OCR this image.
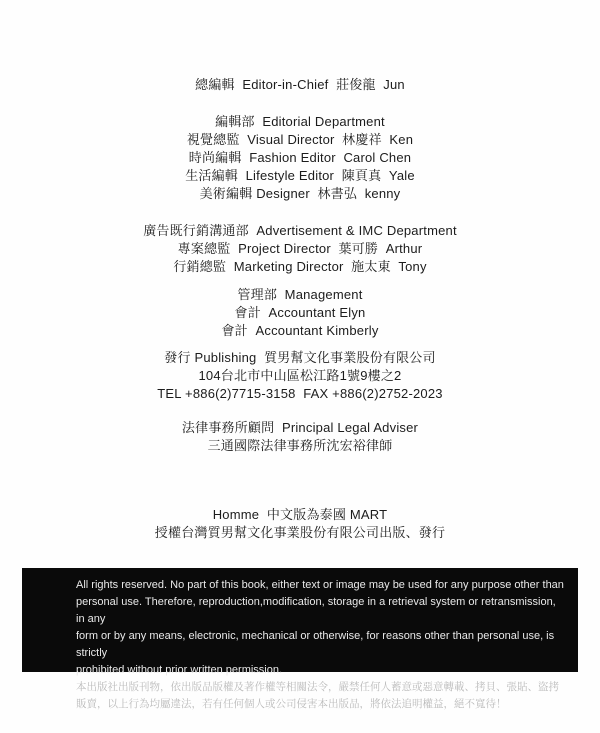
總編輯  Editor-in-Chief  莊俊龍  Jun
編輯部  Editorial Department
視覺總監  Visual Director  林慶祥  Ken
時尚編輯  Fashion Editor  Carol Chen
生活編輯  Lifestyle Editor  陳頁真  Yale
美術編輯 Designer  林書弘  kenny
廣告既行銷溝通部  Advertisement & IMC Department
專案總監  Project Director  葉可勝  Arthur
行銷總監  Marketing Director  施太東  Tony
管理部  Management
會計  Accountant Elyn
會計  Accountant Kimberly
發行 Publishing  質男幫文化事業股份有限公司
104台北市中山區松江路1號9樓之2
TEL +886(2)7715-3158  FAX +886(2)2752-2023
法律事務所顧問  Principal Legal Adviser
三通國際法律事務所沈宏裕律師
Homme  中文版為泰國 MART
授權台灣質男幫文化事業股份有限公司出版、發行
All rights reserved. No part of this book, either text or image may be used for any purpose other than
personal use. Therefore, reproduction,modification, storage in a retrieval system or retransmission, in any
form or by any means, electronic, mechanical or otherwise, for reasons other than personal use, is strictly
prohibited without prior written permission.
本出版社出版刊物，依出版品版權及著作權等相關法令，嚴禁任何人蓄意或惡意轉載、拷貝、張貼、盜拷
販賣，以上行為均屬違法，若有任何個人或公司侵害本出版品，將依法追明權益，絕不寬待！
